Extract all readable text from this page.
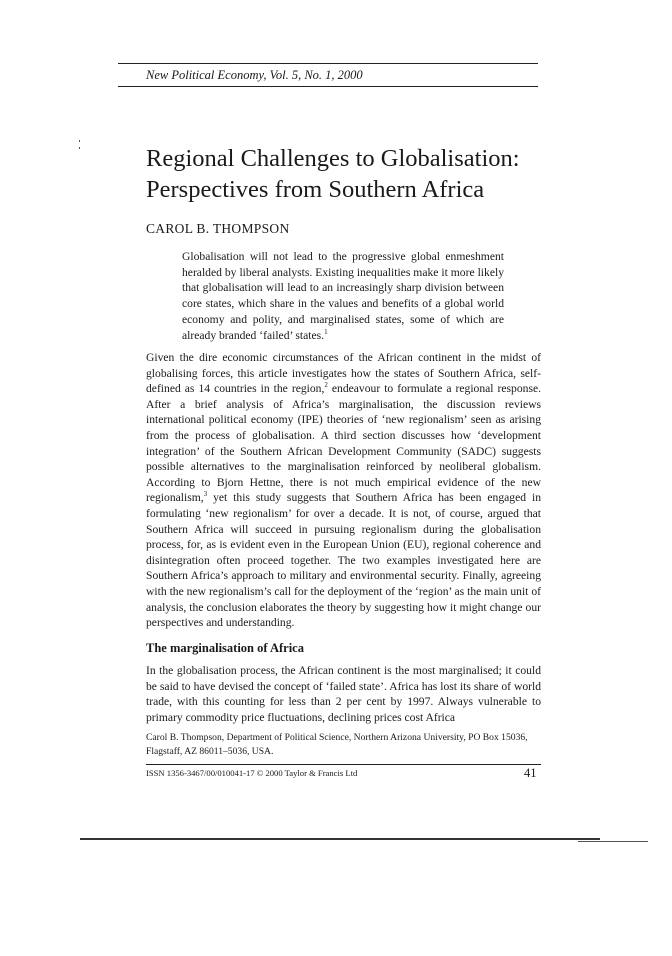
New Political Economy, Vol. 5, No. 1, 2000
Regional Challenges to Globalisation:
Perspectives from Southern Africa
CAROL B. THOMPSON

Globalisation will not lead to the progressive global enmeshment heralded by liberal analysts. Existing inequalities make it more likely that globalisation will lead to an increasingly sharp division between core states, which share in the values and benefits of a global world economy and polity, and marginalised states, some of which are already branded ‘failed’ states.$^1$

Given the dire economic circumstances of the African continent in the midst of globalising forces, this article investigates how the states of Southern Africa, self-defined as 14 countries in the region,$^2$ endeavour to formulate a regional response. After a brief analysis of Africa’s marginalisation, the discussion reviews international political economy (IPE) theories of ‘new regionalism’ seen as arising from the process of globalisation. A third section discusses how ‘development integration’ of the Southern African Development Community (SADC) suggests possible alternatives to the marginalisation reinforced by neoliberal globalism. According to Bjorn Hettne, there is not much empirical evidence of the new regionalism,$^3$ yet this study suggests that Southern Africa has been engaged in formulating ‘new regionalism’ for over a decade. It is not, of course, argued that Southern Africa will succeed in pursuing regionalism during the globalisation process, for, as is evident even in the European Union (EU), regional coherence and disintegration often proceed together. The two examples investigated here are Southern Africa’s approach to military and environmental security. Finally, agreeing with the new regionalism’s call for the deployment of the ‘region’ as the main unit of analysis, the conclusion elaborates the theory by suggesting how it might change our perspectives and understanding.

The marginalisation of Africa

In the globalisation process, the African continent is the most marginalised; it could be said to have devised the concept of ‘failed state’. Africa has lost its share of world trade, with this counting for less than 2 per cent by 1997. Always vulnerable to primary commodity price fluctuations, declining prices cost Africa

Carol B. Thompson, Department of Political Science, Northern Arizona University, PO Box 15036,
Flagstaff, AZ 86011–5036, USA.
ISSN 1356-3467/00/010041-17 © 2000 Taylor & Francis Ltd	41
